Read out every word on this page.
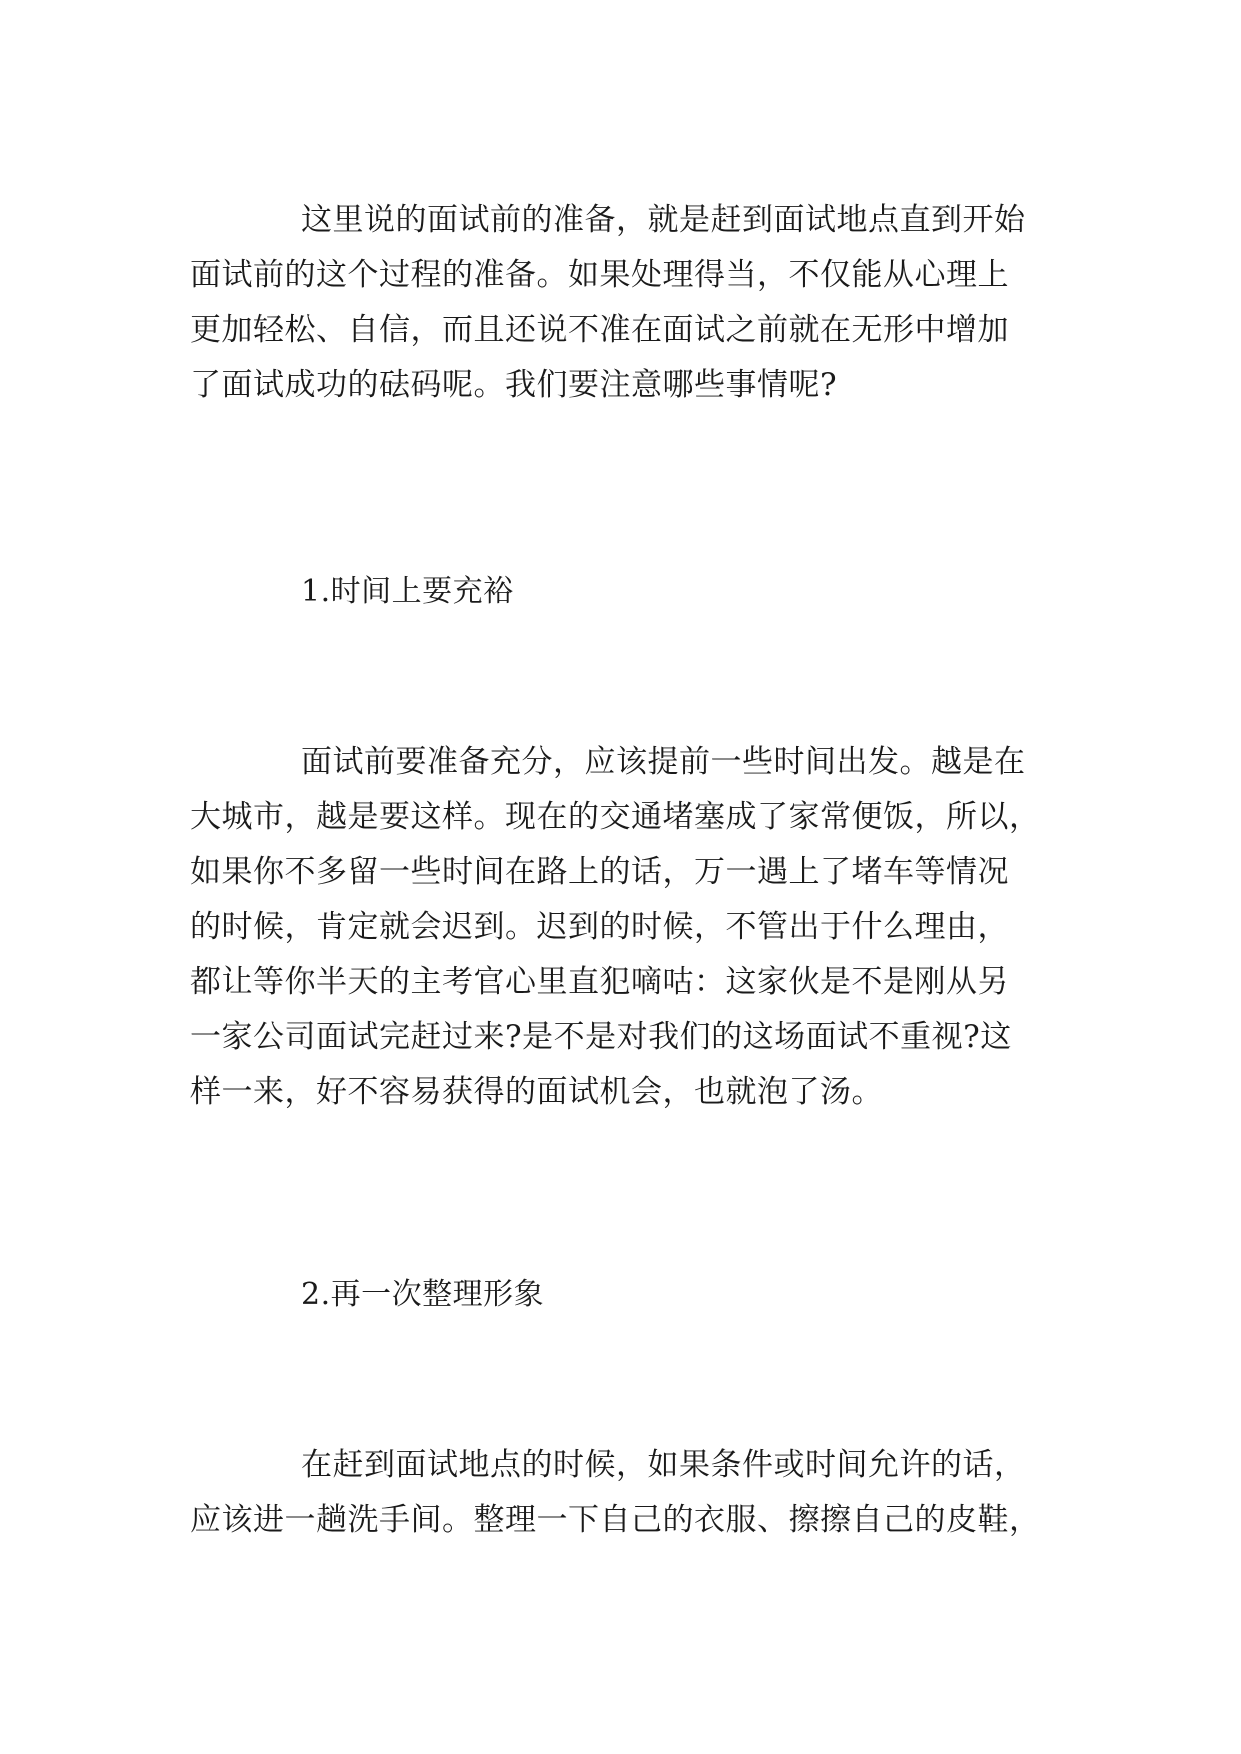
这里说的面试前的准备，就是赶到面试地点直到开始
面试前的这个过程的准备。如果处理得当，不仅能从心理上
更加轻松、自信，而且还说不准在面试之前就在无形中增加
了面试成功的砝码呢。我们要注意哪些事情呢?
1.时间上要充裕
面试前要准备充分，应该提前一些时间出发。越是在
大城市，越是要这样。现在的交通堵塞成了家常便饭，所以，
如果你不多留一些时间在路上的话，万一遇上了堵车等情况
的时候，肯定就会迟到。迟到的时候，不管出于什么理由，
都让等你半天的主考官心里直犯嘀咕：这家伙是不是刚从另
一家公司面试完赶过来?是不是对我们的这场面试不重视?这
样一来，好不容易获得的面试机会，也就泡了汤。
2.再一次整理形象
在赶到面试地点的时候，如果条件或时间允许的话，
应该进一趟洗手间。整理一下自己的衣服、擦擦自己的皮鞋，
